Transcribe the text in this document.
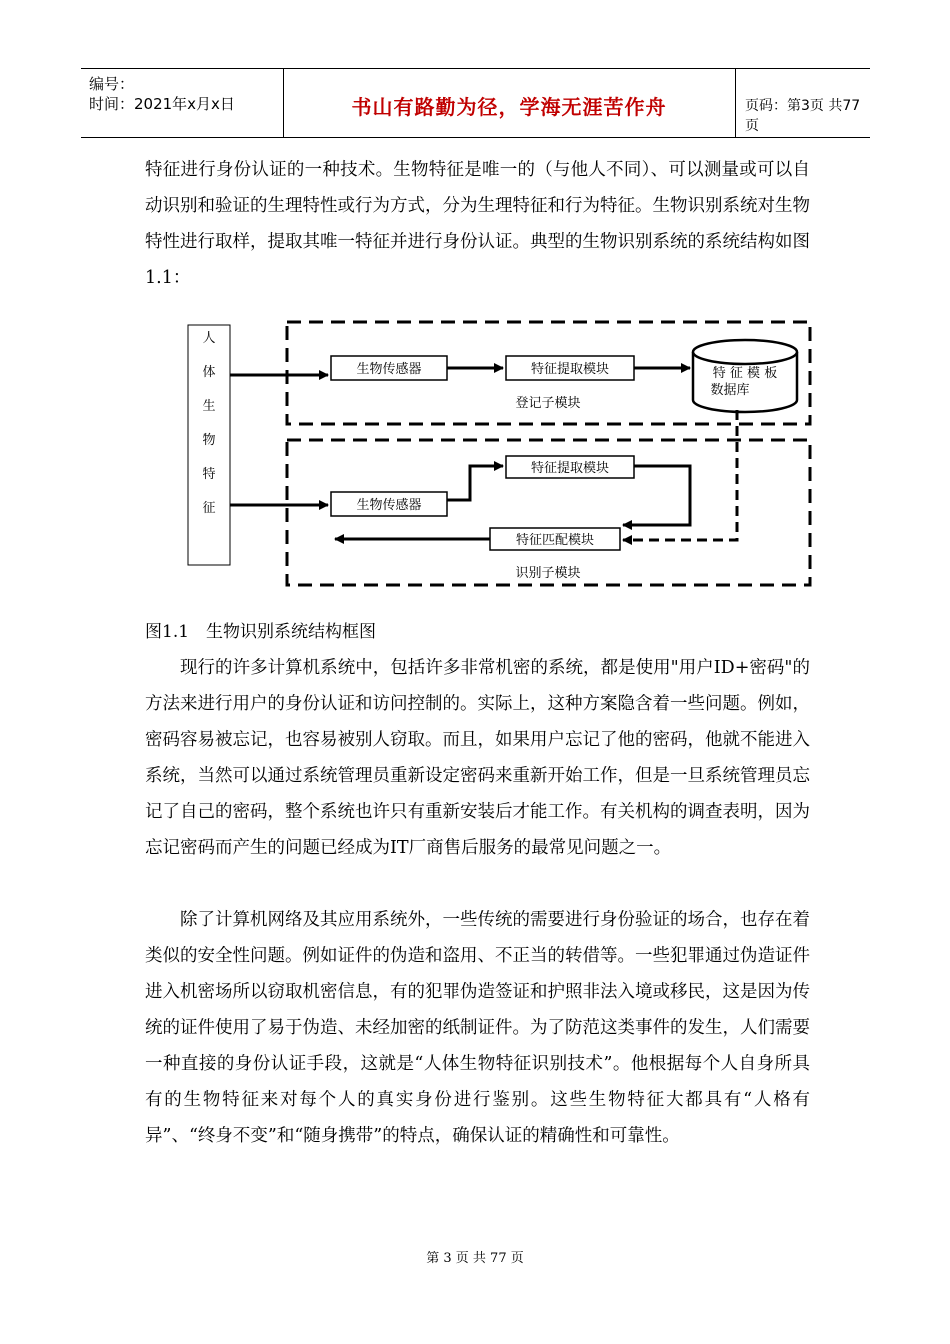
编号：
时间：2021年x月x日	书山有路勤为径，学海无涯苦作舟	页码：第3页 共77页

特征进行身份认证的一种技术。生物特征是唯一的（与他人不同）、可以测量或可以自动识别和验证的生理特性或行为方式，分为生理特征和行为特征。生物识别系统对生物特性进行取样，提取其唯一特征并进行身份认证。典型的生物识别系统的系统结构如图1.1：

人
体
生
物
特
征
生物传感器	特征提取模块	特 征 模 板
数据库
登记子模块
生物传感器
特征提取模块
特征匹配模块
识别子模块
图1.1　生物识别系统结构框图

现行的许多计算机系统中，包括许多非常机密的系统，都是使用"用户ID+密码"的方法来进行用户的身份认证和访问控制的。实际上，这种方案隐含着一些问题。例如，密码容易被忘记，也容易被别人窃取。而且，如果用户忘记了他的密码，他就不能进入系统，当然可以通过系统管理员重新设定密码来重新开始工作，但是一旦系统管理员忘记了自己的密码，整个系统也许只有重新安装后才能工作。有关机构的调查表明，因为忘记密码而产生的问题已经成为IT厂商售后服务的最常见问题之一。

除了计算机网络及其应用系统外，一些传统的需要进行身份验证的场合，也存在着类似的安全性问题。例如证件的伪造和盗用、不正当的转借等。一些犯罪通过伪造证件进入机密场所以窃取机密信息，有的犯罪伪造签证和护照非法入境或移民，这是因为传统的证件使用了易于伪造、未经加密的纸制证件。为了防范这类事件的发生，人们需要一种直接的身份认证手段，这就是“人体生物特征识别技术”。他根据每个人自身所具有的生物特征来对每个人的真实身份进行鉴别。这些生物特征大都具有“人格有异”、“终身不变”和“随身携带”的特点，确保认证的精确性和可靠性。

第 3 页 共 77 页
